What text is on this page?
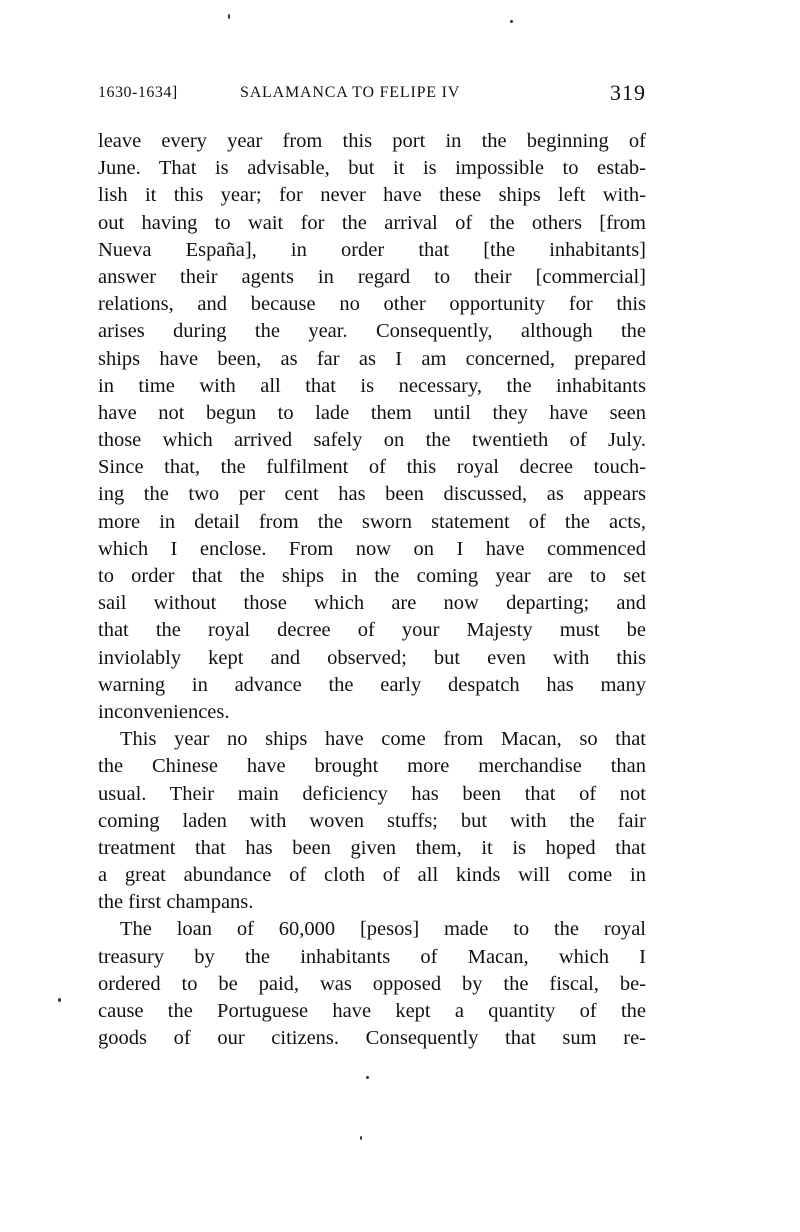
1630-1634]	SALAMANCA TO FELIPE IV	319
leave every year from this port in the beginning of
June. That is advisable, but it is impossible to estab-
lish it this year; for never have these ships left with-
out having to wait for the arrival of the others [from
Nueva España], in order that [the inhabitants]
answer their agents in regard to their [commercial]
relations, and because no other opportunity for this
arises during the year. Consequently, although the
ships have been, as far as I am concerned, prepared
in time with all that is necessary, the inhabitants
have not begun to lade them until they have seen
those which arrived safely on the twentieth of July.
Since that, the fulfilment of this royal decree touch-
ing the two per cent has been discussed, as appears
more in detail from the sworn statement of the acts,
which I enclose. From now on I have commenced
to order that the ships in the coming year are to set
sail without those which are now departing; and
that the royal decree of your Majesty must be
inviolably kept and observed; but even with this
warning in advance the early despatch has many
inconveniences.
This year no ships have come from Macan, so that
the Chinese have brought more merchandise than
usual. Their main deficiency has been that of not
coming laden with woven stuffs; but with the fair
treatment that has been given them, it is hoped that
a great abundance of cloth of all kinds will come in
the first champans.
The loan of 60,000 [pesos] made to the royal
treasury by the inhabitants of Macan, which I
ordered to be paid, was opposed by the fiscal, be-
cause the Portuguese have kept a quantity of the
goods of our citizens. Consequently that sum re-
